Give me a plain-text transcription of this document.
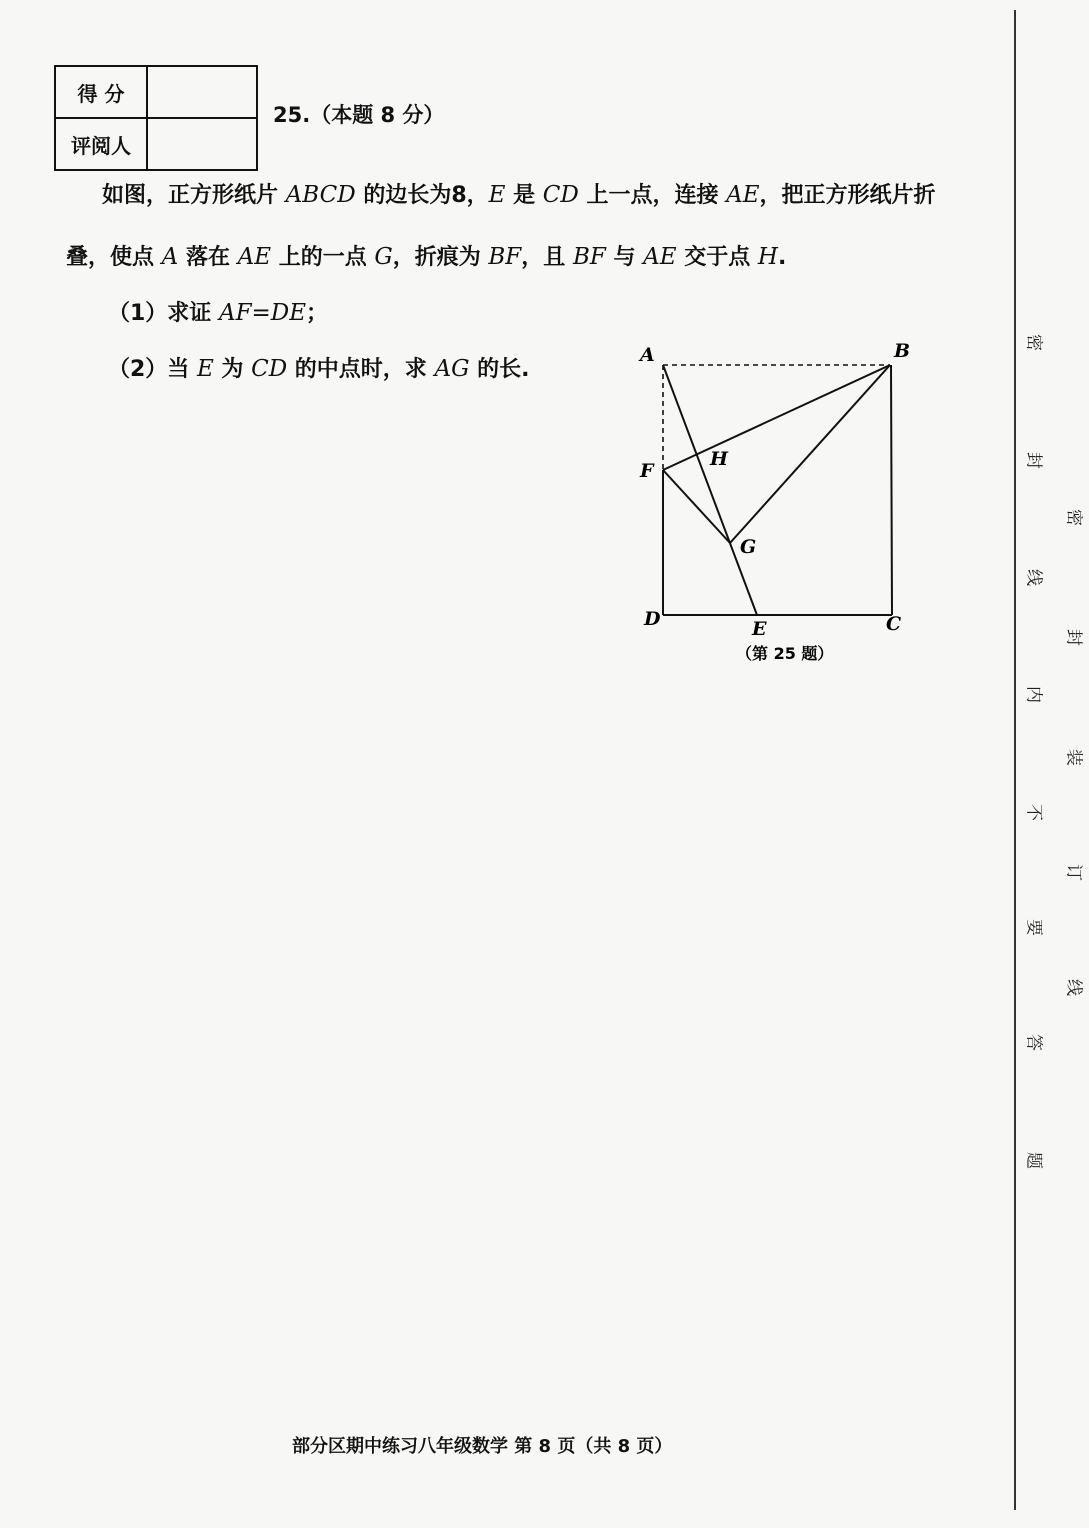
得 分	
评阅人	
25.（本题 8 分）
如图，正方形纸片 ABCD 的边长为8，E 是 CD 上一点，连接 AE，把正方形纸片折
叠，使点 A 落在 AE 上的一点 G，折痕为 BF，且 BF 与 AE 交于点 H.
（1）求证 AF=DE；
（2）当 E 为 CD 的中点时，求 AG 的长.
A	B
F
H
G
D	E	C
（第 25 题）
部分区期中练习八年级数学 第 8 页（共 8 页）
密
封
线
内
不
要
答
题
密
封
装
订
线
